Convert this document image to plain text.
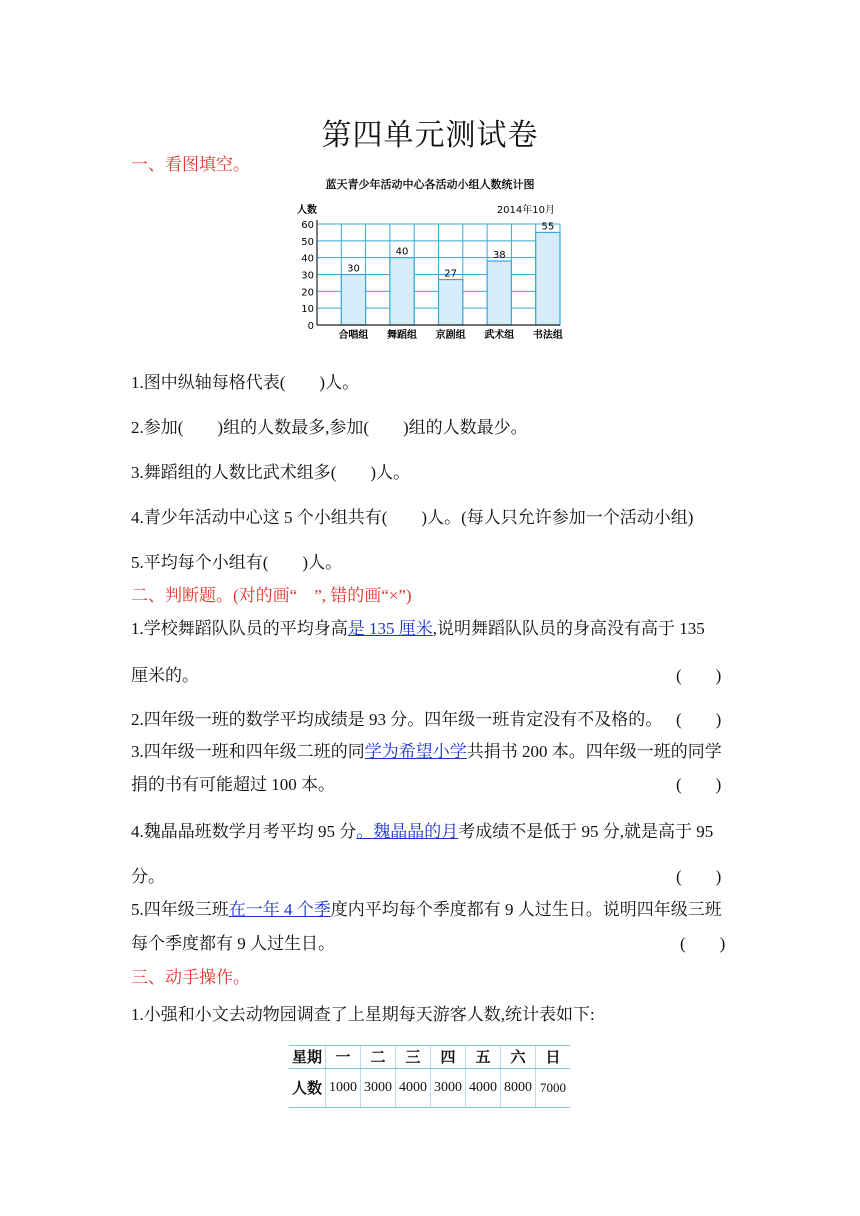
第四单元测试卷
一、看图填空。
蓝天青少年活动中心各活动小组人数统计图
30
合唱组
40
舞蹈组
27
京剧组
38
武术组
55
书法组
0
10
20
30
40
50
60
人数	2014年10月
1.图中纵轴每格代表(　　)人。
2.参加(　　)组的人数最多,参加(　　)组的人数最少。
3.舞蹈组的人数比武术组多(　　)人。
4.青少年活动中心这 5 个小组共有(　　)人。(每人只允许参加一个活动小组)
5.平均每个小组有(　　)人。
二、判断题。(对的画“　”, 错的画“×”)
1.学校舞蹈队队员的平均身高是 135 厘米,说明舞蹈队队员的身高没有高于 135
厘米的。	(　　)
2.四年级一班的数学平均成绩是 93 分。四年级一班肯定没有不及格的。 (　　)
3.四年级一班和四年级二班的同学为希望小学共捐书 200 本。四年级一班的同学
捐的书有可能超过 100 本。	(　　)
4.魏晶晶班数学月考平均 95 分。魏晶晶的月考成绩不是低于 95 分,就是高于 95
分。	(　　)
5.四年级三班在一年 4 个季度内平均每个季度都有 9 人过生日。说明四年级三班
每个季度都有 9 人过生日。	(　　)
三、动手操作。
1.小强和小文去动物园调查了上星期每天游客人数,统计表如下:
星期	一	二	三	四	五	六	日
人数	1000	3000	4000	3000	4000	8000	7000
